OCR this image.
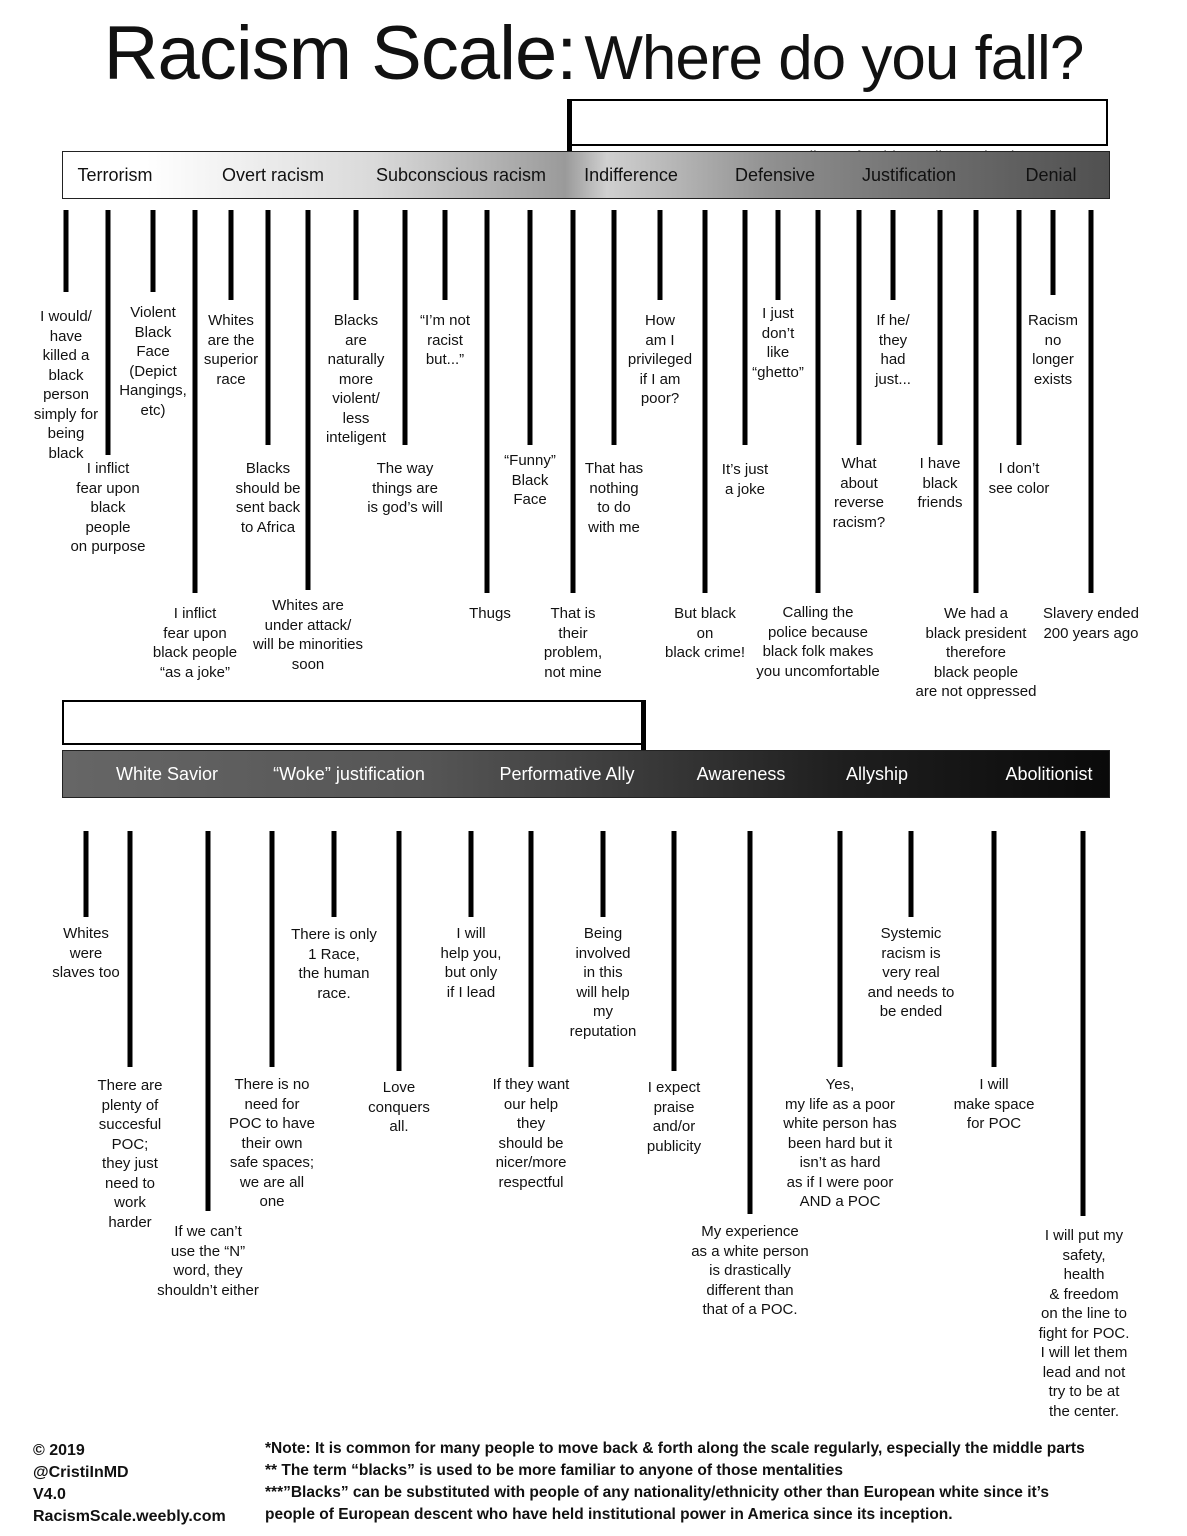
Racism Scale: Where do you fall?

Terrorism	Overt racism	Subconscious racism Indifference	Defensive	Justification	Denial
I would/
have
killed a
black
person
simply for
being
black
I inflict
fear upon
black
people
on purpose
Violent
Black
Face
(Depict
Hangings,
etc)
I inflict
fear upon
black people
“as a joke”
Whites
are the
superior
race
Blacks
should be
sent back
to Africa
Whites are
under attack/
will be minorities
soon
Blacks
are
naturally
more
violent/
less
inteligent
The way
things are
is god’s will
“I’m not
racist
but...”
Thugs
“Funny”
Black
Face
That is
their
problem,
not mine
That has
nothing
to do
with me
How
am I
privileged
if I am
poor?
But black
on
black crime!
It’s just
a joke
I just
don’t
like
“ghetto”
Calling the
police because
black folk makes
you uncomfortable
What
about
reverse
racism?
If he/
they
had
just...
I have
black
friends
We had a
black president
therefore
black people
are not oppressed
I don’t
see color
Racism
no
longer
exists
Slavery ended
200 years ago

White Savior	“Woke” justification	Performative Ally	Awareness	Allyship	Abolitionist
Whites
were
slaves too
There are
plenty of
succesful
POC;
they just
need to
work
harder
If we can’t
use the “N”
word, they
shouldn’t either
There is no
need for
POC to have
their own
safe spaces;
we are all
one
There is only
1 Race,
the human
race.
Love
conquers
all.
I will
help you,
but only
if I lead
If they want
our help
they
should be
nicer/more
respectful
Being
involved
in this
will help
my
reputation
I expect
praise
and/or
publicity
My experience
as a white person
is drastically
different than
that of a POC.
Yes,
my life as a poor
white person has
been hard but it
isn’t as hard
as if I were poor
AND a POC
Systemic
racism is
very real
and needs to
be ended
I will
make space
for POC
I will put my
safety,
health
& freedom
on the line to
fight for POC.
I will let them
lead and not
try to be at
the center.
© 2019
@CristiInMD
V4.0
RacismScale.weebly.com
*Note: It is common for many people to move back & forth along the scale regularly, especially the middle parts
** The term “blacks” is used to be more familiar to anyone of those mentalities
***”Blacks” can be substituted with people of any nationality/ethnicity other than European white since it’s
people of European descent who have held institutional power in America since its inception.
